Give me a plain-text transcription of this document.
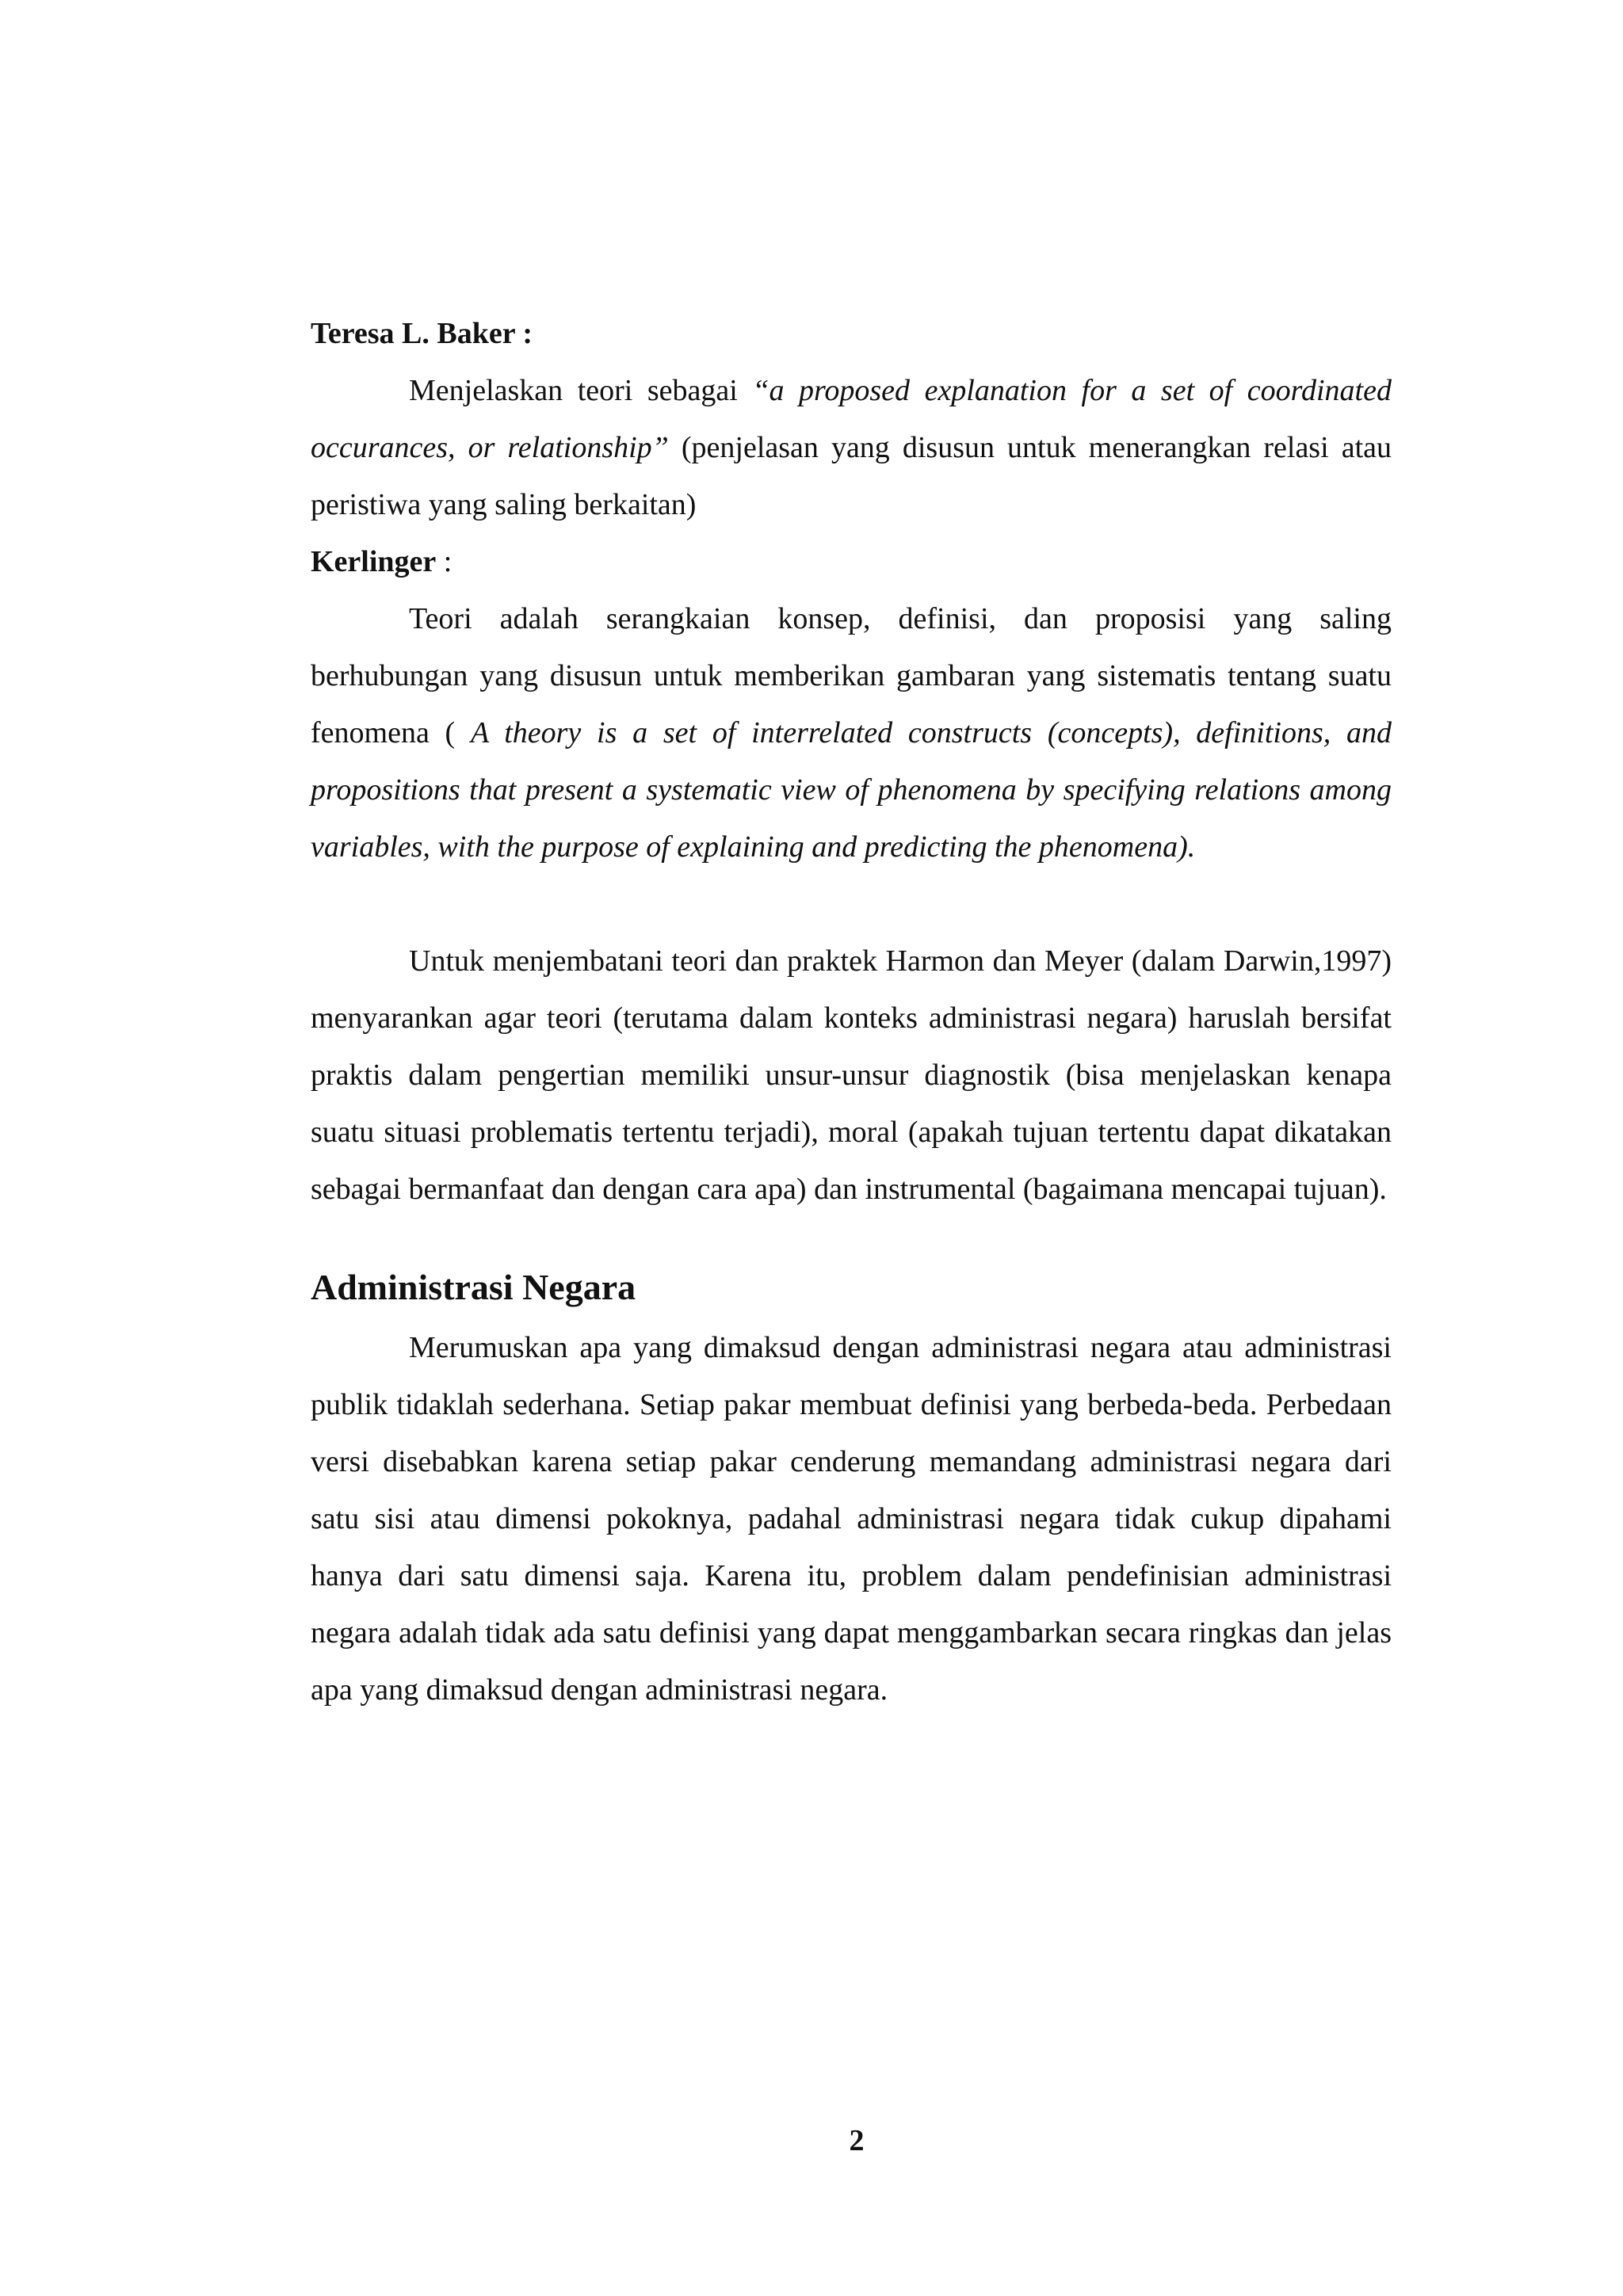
Teresa L. Baker :

Menjelaskan teori sebagai “a proposed explanation for a set of coordinated occurances, or relationship” (penjelasan yang disusun untuk menerangkan relasi atau peristiwa yang saling berkaitan)

Kerlinger :

Teori adalah serangkaian konsep, definisi, dan proposisi yang saling berhubungan yang disusun untuk memberikan gambaran yang sistematis tentang suatu fenomena ( A theory is a set of interrelated constructs (concepts), definitions, and propositions that present a systematic view of phenomena by specifying relations among variables, with the purpose of explaining and predicting the phenomena).

Untuk menjembatani teori dan praktek Harmon dan Meyer (dalam Darwin,1997) menyarankan agar teori (terutama dalam konteks administrasi negara) haruslah bersifat praktis dalam pengertian memiliki unsur-unsur diagnostik (bisa menjelaskan kenapa suatu situasi problematis tertentu terjadi), moral (apakah tujuan tertentu dapat dikatakan sebagai bermanfaat dan dengan cara apa) dan instrumental (bagaimana mencapai tujuan).

Administrasi Negara

Merumuskan apa yang dimaksud dengan administrasi negara atau administrasi publik tidaklah sederhana. Setiap pakar membuat definisi yang berbeda-beda. Perbedaan versi disebabkan karena setiap pakar cenderung memandang administrasi negara dari satu sisi atau dimensi pokoknya, padahal administrasi negara tidak cukup dipahami hanya dari satu dimensi saja. Karena itu, problem dalam pendefinisian administrasi negara adalah tidak ada satu definisi yang dapat menggambarkan secara ringkas dan jelas apa yang dimaksud dengan administrasi negara.

2
